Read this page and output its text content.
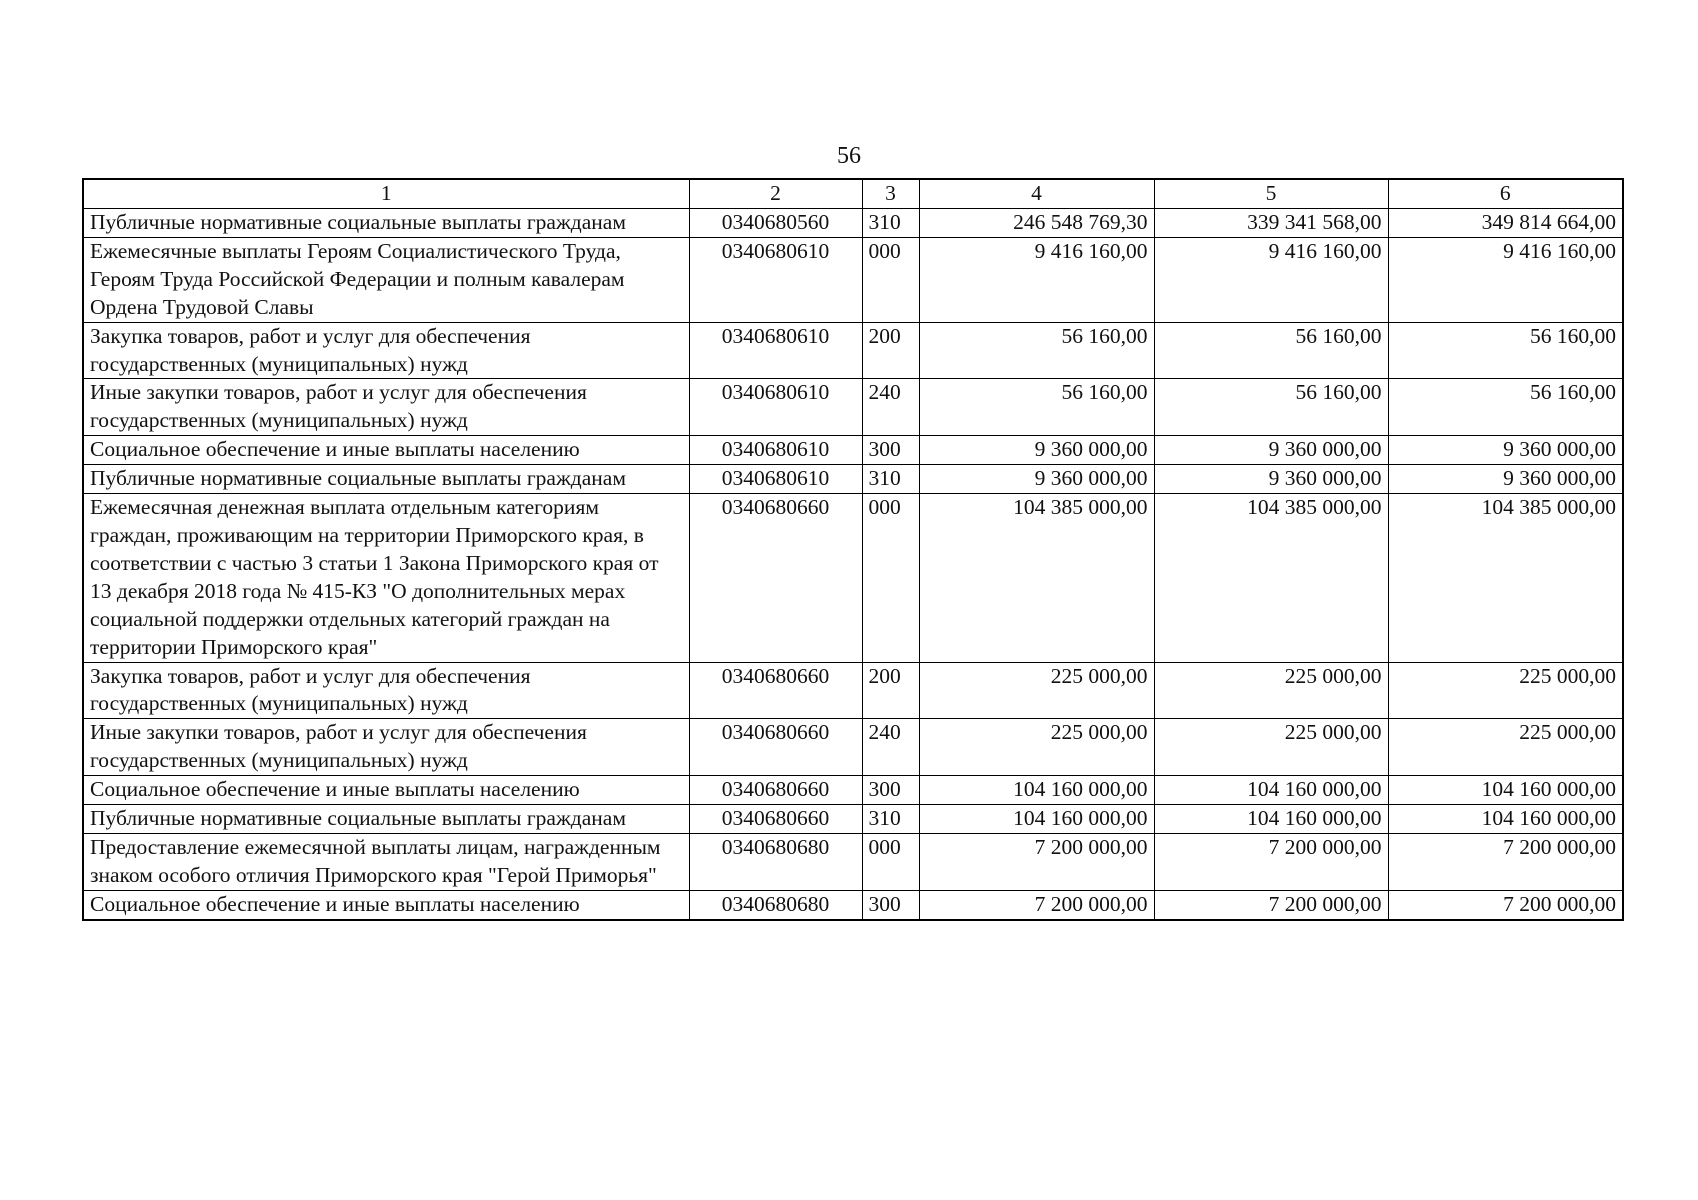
56
1	2	3	4	5	6
Публичные нормативные социальные выплаты гражданам	0340680560	310	246 548 769,30	339 341 568,00	349 814 664,00
Ежемесячные выплаты Героям Социалистического Труда, Героям Труда Российской Федерации и полным кавалерам Ордена Трудовой Славы	0340680610	000	9 416 160,00	9 416 160,00	9 416 160,00
Закупка товаров, работ и услуг для обеспечения государственных (муниципальных) нужд	0340680610	200	56 160,00	56 160,00	56 160,00
Иные закупки товаров, работ и услуг для обеспечения государственных (муниципальных) нужд	0340680610	240	56 160,00	56 160,00	56 160,00
Социальное обеспечение и иные выплаты населению	0340680610	300	9 360 000,00	9 360 000,00	9 360 000,00
Публичные нормативные социальные выплаты гражданам	0340680610	310	9 360 000,00	9 360 000,00	9 360 000,00
Ежемесячная денежная выплата отдельным категориям граждан, проживающим на территории Приморского края, в соответствии с частью 3 статьи 1 Закона Приморского края от 13 декабря 2018 года № 415-КЗ "О дополнительных мерах социальной поддержки отдельных категорий граждан на территории Приморского края"	0340680660	000	104 385 000,00	104 385 000,00	104 385 000,00
Закупка товаров, работ и услуг для обеспечения государственных (муниципальных) нужд	0340680660	200	225 000,00	225 000,00	225 000,00
Иные закупки товаров, работ и услуг для обеспечения государственных (муниципальных) нужд	0340680660	240	225 000,00	225 000,00	225 000,00
Социальное обеспечение и иные выплаты населению	0340680660	300	104 160 000,00	104 160 000,00	104 160 000,00
Публичные нормативные социальные выплаты гражданам	0340680660	310	104 160 000,00	104 160 000,00	104 160 000,00
Предоставление ежемесячной выплаты лицам, награжденным знаком особого отличия Приморского края "Герой Приморья"	0340680680	000	7 200 000,00	7 200 000,00	7 200 000,00
Социальное обеспечение и иные выплаты населению	0340680680	300	7 200 000,00	7 200 000,00	7 200 000,00
